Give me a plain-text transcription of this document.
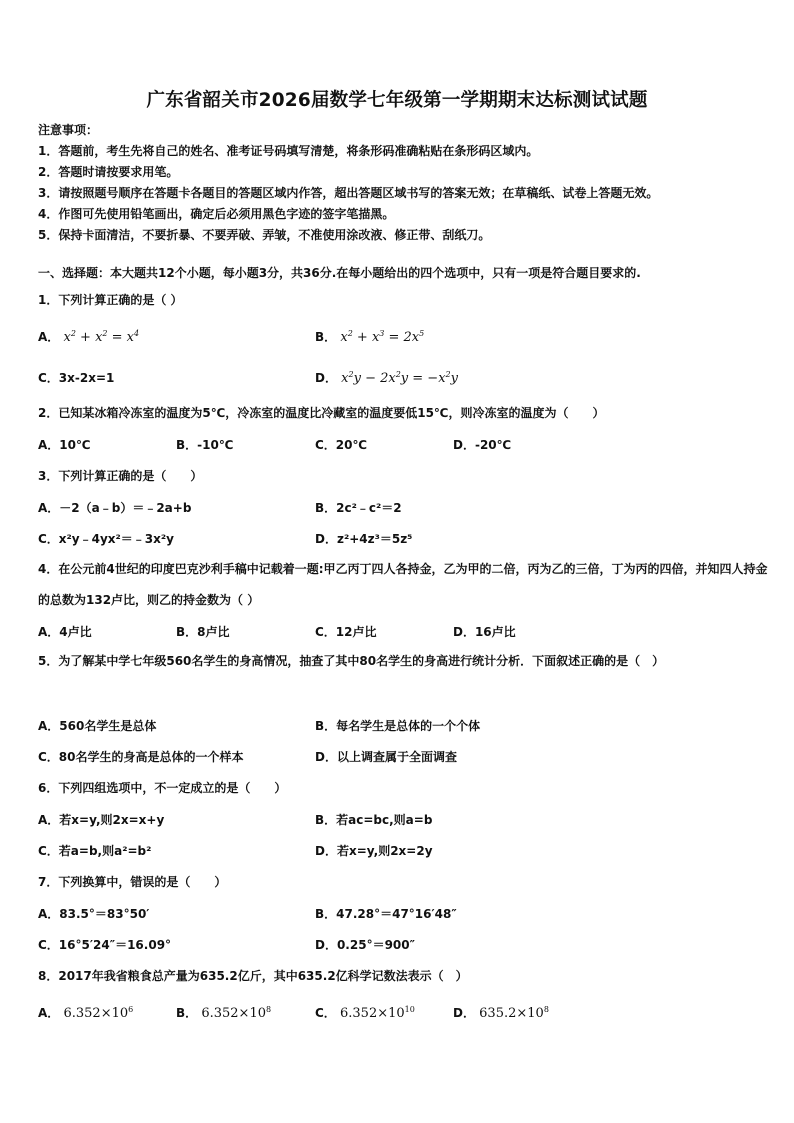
广东省韶关市2026届数学七年级第一学期期末达标测试试题
注意事项：
1．答题前，考生先将自己的姓名、准考证号码填写清楚，将条形码准确粘贴在条形码区域内。
2．答题时请按要求用笔。
3．请按照题号顺序在答题卡各题目的答题区域内作答，超出答题区域书写的答案无效；在草稿纸、试卷上答题无效。
4．作图可先使用铅笔画出，确定后必须用黑色字迹的签字笔描黑。
5．保持卡面清洁，不要折暴、不要弄破、弄皱，不准使用涂改液、修正带、刮纸刀。
一、选择题：本大题共12个小题，每小题3分，共36分.在每小题给出的四个选项中，只有一项是符合题目要求的.
1．下列计算正确的是（ ）
A． $x^2 + x^2 = x^4$	B． $x^2 + x^3 = 2x^5$
C．3x-2x=1	D． $x^2y - 2x^2y = -x^2y$
2．已知某冰箱冷冻室的温度为5℃，冷冻室的温度比冷藏室的温度要低15℃，则冷冻室的温度为（　　）
A．10℃	B．-10℃	C．20℃	D．-20℃
3．下列计算正确的是（　　）
A．－2（a﹣b）＝﹣2a+b	B．2c²﹣c²＝2
C．x²y﹣4yx²＝﹣3x²y	D．z²+4z³＝5z⁵
4．在公元前4世纪的印度巴克沙利手稿中记载着一题:甲乙丙丁四人各持金，乙为甲的二倍，丙为乙的三倍，丁为丙的四倍，并知四人持金的总数为132卢比，则乙的持金数为（ ）
A．4卢比	B．8卢比	C．12卢比	D．16卢比
5．为了解某中学七年级560名学生的身高情况，抽查了其中80名学生的身高进行统计分析．下面叙述正确的是（　）
A．560名学生是总体	B．每名学生是总体的一个个体
C．80名学生的身高是总体的一个样本	D．以上调查属于全面调查
6．下列四组选项中，不一定成立的是（　　）
A．若x=y,则2x=x+y	B．若ac=bc,则a=b
C．若a=b,则a²=b²	D．若x=y,则2x=2y
7．下列换算中，错误的是（　　）
A．83.5°＝83°50′	B．47.28°＝47°16′48″
C．16°5′24″＝16.09°	D．0.25°＝900″
8．2017年我省粮食总产量为635.2亿斤，其中635.2亿科学记数法表示（　）
A． $6.352\times 10^6$	B． $6.352\times 10^8$	C． $6.352\times 10^{10}$	D． $635.2\times 10^8$
